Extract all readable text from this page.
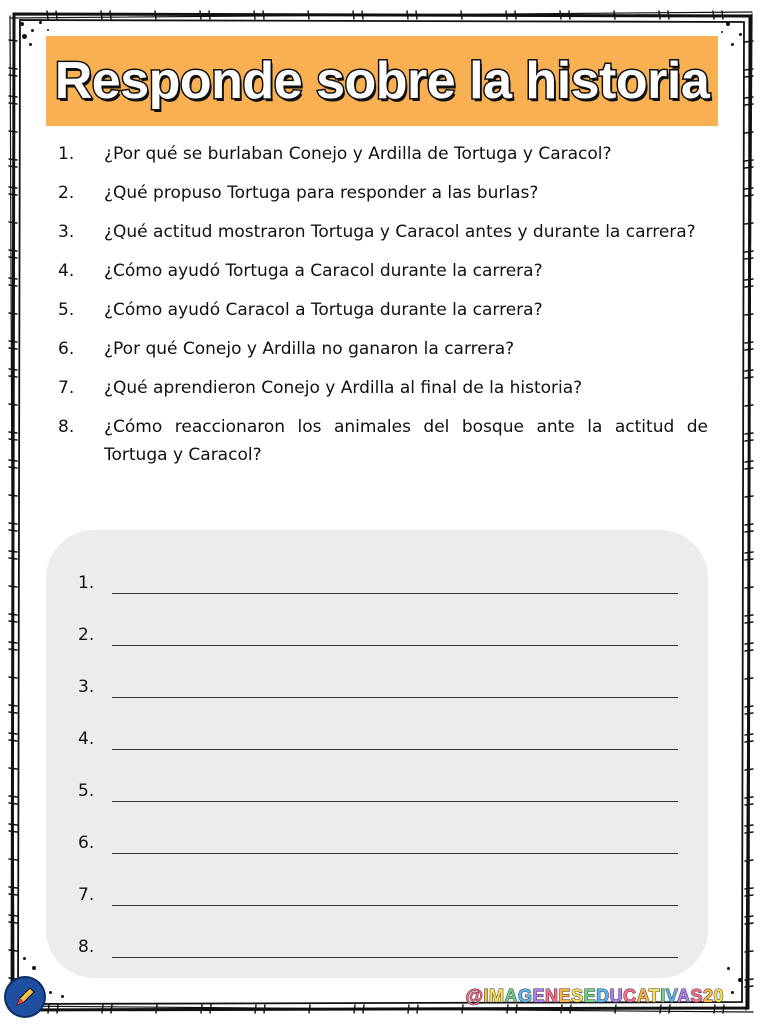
Responde sobre la historia
1.	¿Por qué se burlaban Conejo y Ardilla de Tortuga y Caracol?
2.	¿Qué propuso Tortuga para responder a las burlas?
3.	¿Qué actitud mostraron Tortuga y Caracol antes y durante la carrera?
4.	¿Cómo ayudó Tortuga a Caracol durante la carrera?
5.	¿Cómo ayudó Caracol a Tortuga durante la carrera?
6.	¿Por qué Conejo y Ardilla no ganaron la carrera?
7.	¿Qué aprendieron Conejo y Ardilla al final de la historia?
8.	¿Cómo reaccionaron los animales del bosque ante la actitud de Tortuga y Caracol?
1.
2.
3.
4.
5.
6.
7.
8.
@IMAGENESEDUCATIVAS20
